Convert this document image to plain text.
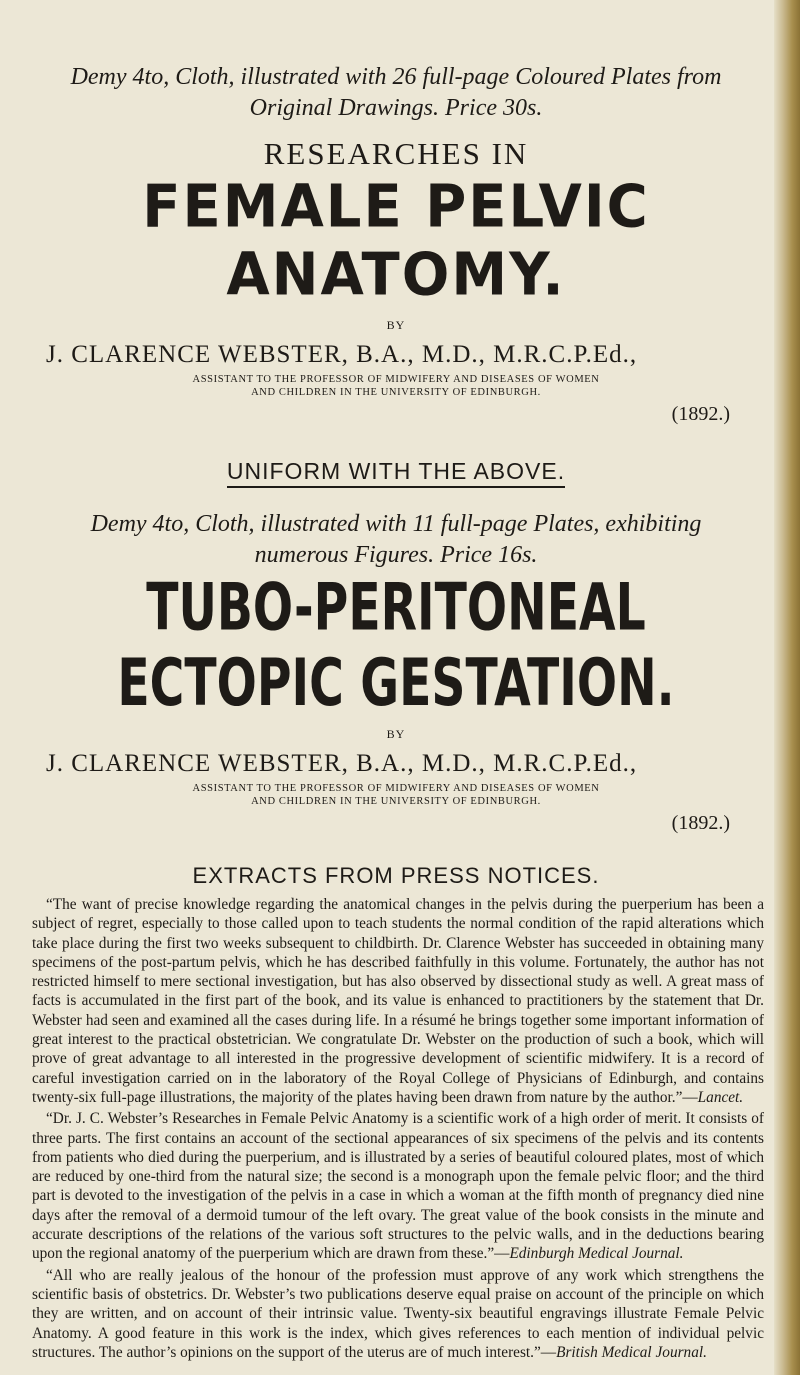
Demy 4to, Cloth, illustrated with 26 full-page Coloured Plates from
Original Drawings. Price 30s.
RESEARCHES IN
FEMALE PELVIC ANATOMY.
BY
J. CLARENCE WEBSTER, B.A., M.D., M.R.C.P.Ed.,
ASSISTANT TO THE PROFESSOR OF MIDWIFERY AND DISEASES OF WOMEN
AND CHILDREN IN THE UNIVERSITY OF EDINBURGH.
(1892.)
UNIFORM WITH THE ABOVE.
Demy 4to, Cloth, illustrated with 11 full-page Plates, exhibiting
numerous Figures. Price 16s.
TUBO-PERITONEAL ECTOPIC GESTATION.
BY
J. CLARENCE WEBSTER, B.A., M.D., M.R.C.P.Ed.,
ASSISTANT TO THE PROFESSOR OF MIDWIFERY AND DISEASES OF WOMEN
AND CHILDREN IN THE UNIVERSITY OF EDINBURGH.
(1892.)
EXTRACTS FROM PRESS NOTICES.

“The want of precise knowledge regarding the anatomical changes in the pelvis during the puerperium has been a subject of regret, especially to those called upon to teach students the normal condition of the rapid alterations which take place during the first two weeks subsequent to childbirth. Dr. Clarence Webster has succeeded in obtaining many specimens of the post-partum pelvis, which he has described faithfully in this volume. Fortunately, the author has not restricted himself to mere sectional investigation, but has also observed by dissectional study as well. A great mass of facts is accumulated in the first part of the book, and its value is enhanced to practitioners by the statement that Dr. Webster had seen and examined all the cases during life. In a résumé he brings together some important information of great interest to the practical obstetrician. We congratulate Dr. Webster on the production of such a book, which will prove of great advantage to all interested in the progressive development of scientific midwifery. It is a record of careful investigation carried on in the laboratory of the Royal College of Physicians of Edinburgh, and contains twenty-six full-page illustrations, the majority of the plates having been drawn from nature by the author.”—Lancet.

“Dr. J. C. Webster’s Researches in Female Pelvic Anatomy is a scientific work of a high order of merit. It consists of three parts. The first contains an account of the sectional appearances of six specimens of the pelvis and its contents from patients who died during the puerperium, and is illustrated by a series of beautiful coloured plates, most of which are reduced by one-third from the natural size; the second is a monograph upon the female pelvic floor; and the third part is devoted to the investigation of the pelvis in a case in which a woman at the fifth month of pregnancy died nine days after the removal of a dermoid tumour of the left ovary. The great value of the book consists in the minute and accurate descriptions of the relations of the various soft structures to the pelvic walls, and in the deductions bearing upon the regional anatomy of the puerperium which are drawn from these.”—Edinburgh Medical Journal.

“All who are really jealous of the honour of the profession must approve of any work which strengthens the scientific basis of obstetrics. Dr. Webster’s two publications deserve equal praise on account of the principle on which they are written, and on account of their intrinsic value. Twenty-six beautiful engravings illustrate Female Pelvic Anatomy. A good feature in this work is the index, which gives references to each mention of individual pelvic structures. The author’s opinions on the support of the uterus are of much interest.”—British Medical Journal.
